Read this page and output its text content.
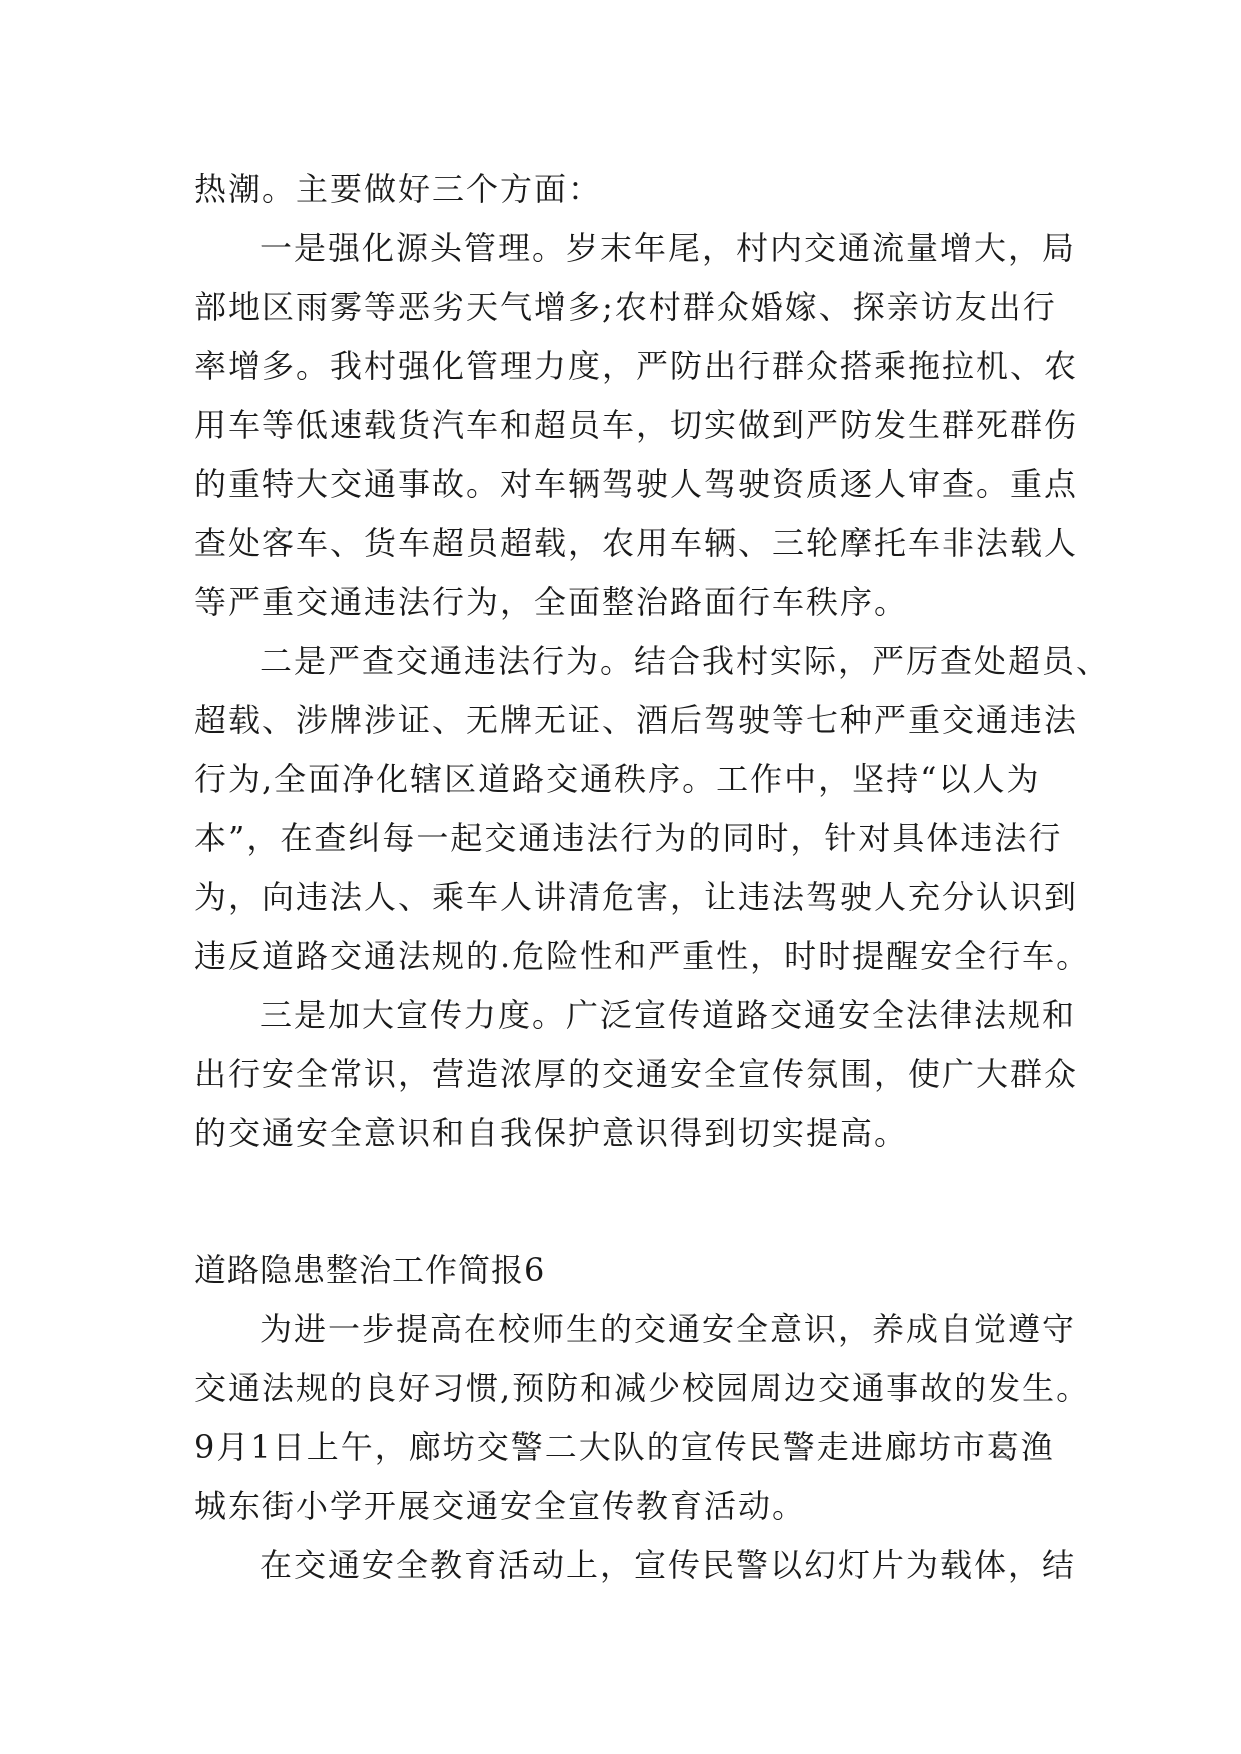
热潮。主要做好三个方面：
一是强化源头管理。岁末年尾，村内交通流量增大，局
部地区雨雾等恶劣天气增多;农村群众婚嫁、探亲访友出行
率增多。我村强化管理力度，严防出行群众搭乘拖拉机、农
用车等低速载货汽车和超员车，切实做到严防发生群死群伤
的重特大交通事故。对车辆驾驶人驾驶资质逐人审查。重点
查处客车、货车超员超载，农用车辆、三轮摩托车非法载人
等严重交通违法行为，全面整治路面行车秩序。
二是严查交通违法行为。结合我村实际，严厉查处超员、
超载、涉牌涉证、无牌无证、酒后驾驶等七种严重交通违法
行为,全面净化辖区道路交通秩序。工作中，坚持“以人为
本”，在查纠每一起交通违法行为的同时，针对具体违法行
为，向违法人、乘车人讲清危害，让违法驾驶人充分认识到
违反道路交通法规的.危险性和严重性，时时提醒安全行车。
三是加大宣传力度。广泛宣传道路交通安全法律法规和
出行安全常识，营造浓厚的交通安全宣传氛围，使广大群众
的交通安全意识和自我保护意识得到切实提高。
道路隐患整治工作简报6
为进一步提高在校师生的交通安全意识，养成自觉遵守
交通法规的良好习惯,预防和减少校园周边交通事故的发生。
9月1日上午，廊坊交警二大队的宣传民警走进廊坊市葛渔
城东街小学开展交通安全宣传教育活动。
在交通安全教育活动上，宣传民警以幻灯片为载体，结
